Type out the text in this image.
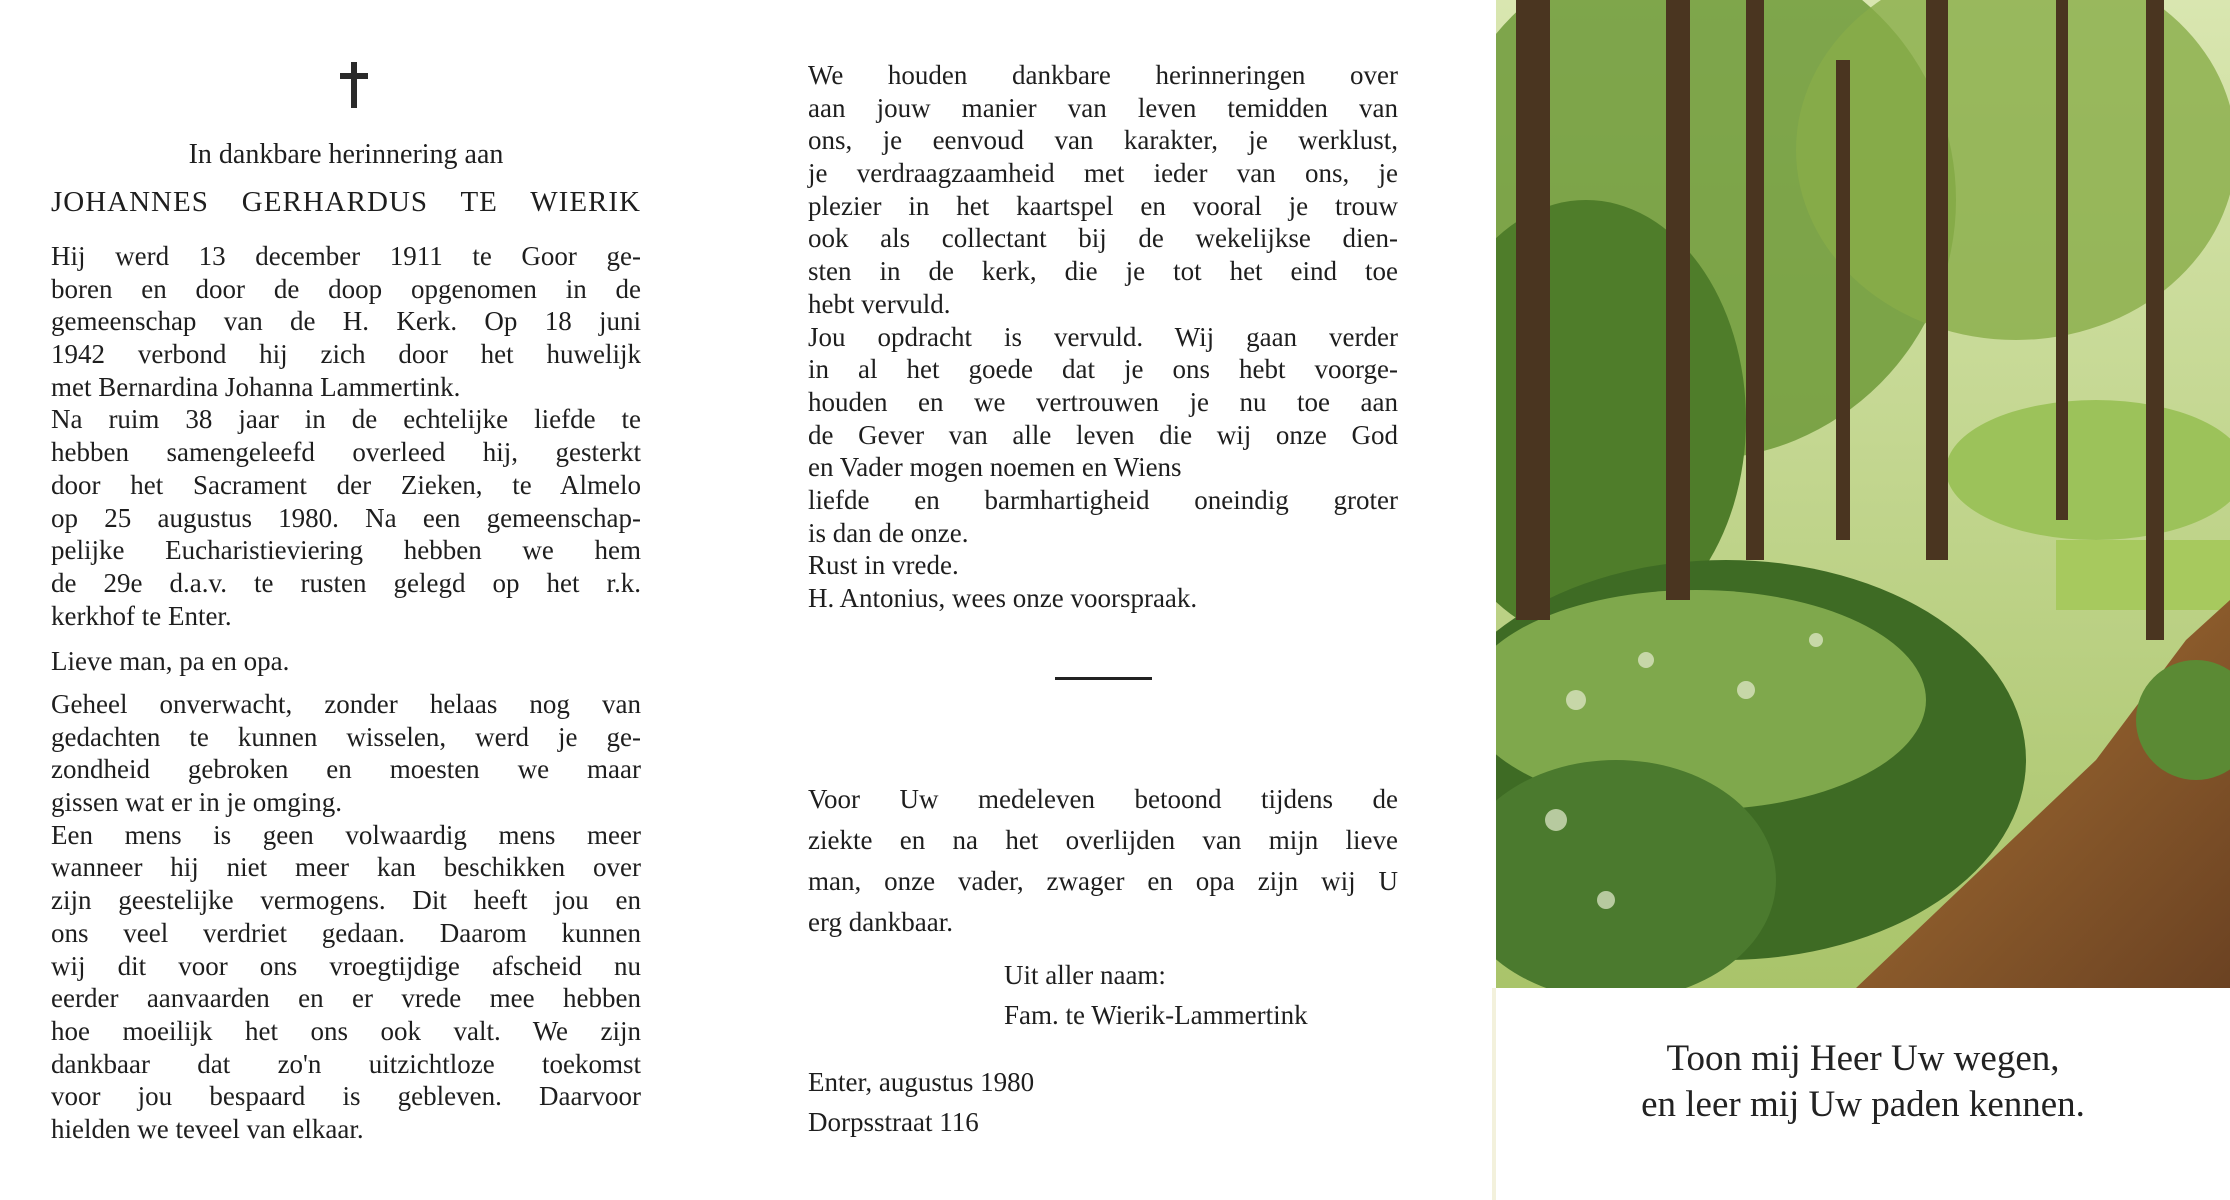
In dankbare herinnering aan
JOHANNES GERHARDUS TE WIERIK
Hij werd 13 december 1911 te Goor ge-
boren en door de doop opgenomen in de
gemeenschap van de H. Kerk. Op 18 juni
1942 verbond hij zich door het huwelijk
met Bernardina Johanna Lammertink.
Na ruim 38 jaar in de echtelijke liefde te
hebben samengeleefd overleed hij, gesterkt
door het Sacrament der Zieken, te Almelo
op 25 augustus 1980. Na een gemeenschap-
pelijke Eucharistieviering hebben we hem
de 29e d.a.v. te rusten gelegd op het r.k.
kerkhof te Enter.
Lieve man, pa en opa.
Geheel onverwacht, zonder helaas nog van
gedachten te kunnen wisselen, werd je ge-
zondheid gebroken en moesten we maar
gissen wat er in je omging.
Een mens is geen volwaardig mens meer
wanneer hij niet meer kan beschikken over
zijn geestelijke vermogens. Dit heeft jou en
ons veel verdriet gedaan. Daarom kunnen
wij dit voor ons vroegtijdige afscheid nu
eerder aanvaarden en er vrede mee hebben
hoe moeilijk het ons ook valt. We zijn
dankbaar dat zo'n uitzichtloze toekomst
voor jou bespaard is gebleven. Daarvoor
hielden we teveel van elkaar.
We houden dankbare herinneringen over
aan jouw manier van leven temidden van
ons, je eenvoud van karakter, je werklust,
je verdraagzaamheid met ieder van ons, je
plezier in het kaartspel en vooral je trouw
ook als collectant bij de wekelijkse dien-
sten in de kerk, die je tot het eind toe
hebt vervuld.
Jou opdracht is vervuld. Wij gaan verder
in al het goede dat je ons hebt voorge-
houden en we vertrouwen je nu toe aan
de Gever van alle leven die wij onze God
en Vader mogen noemen en Wiens
liefde en barmhartigheid oneindig groter
is dan de onze.
Rust in vrede.
H. Antonius, wees onze voorspraak.
Voor Uw medeleven betoond tijdens de
ziekte en na het overlijden van mijn lieve
man, onze vader, zwager en opa zijn wij U
erg dankbaar.
Uit aller naam:
Fam. te Wierik-Lammertink
Enter, augustus 1980
Dorpsstraat 116
Toon mij Heer Uw wegen,
en leer mij Uw paden kennen.
